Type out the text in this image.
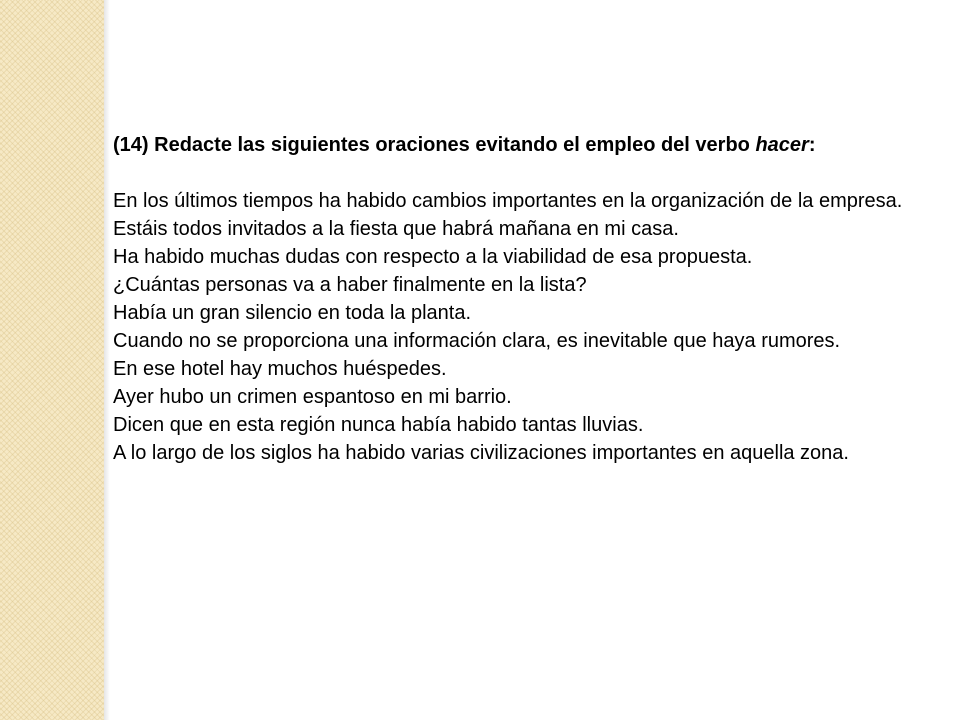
(14) Redacte las siguientes oraciones evitando el empleo del verbo hacer:

En los últimos tiempos ha habido cambios importantes en la organización de la empresa.

Estáis todos invitados a la fiesta que habrá mañana en mi casa.

Ha habido muchas dudas con respecto a la viabilidad de esa propuesta.

¿Cuántas personas va a haber finalmente en la lista?

Había un gran silencio en toda la planta.

Cuando no se proporciona una información clara, es inevitable que haya rumores.

En ese hotel hay muchos huéspedes.

Ayer hubo un crimen espantoso en mi barrio.

Dicen que en esta región nunca había habido tantas lluvias.

A lo largo de los siglos ha habido varias civilizaciones importantes en aquella zona.
